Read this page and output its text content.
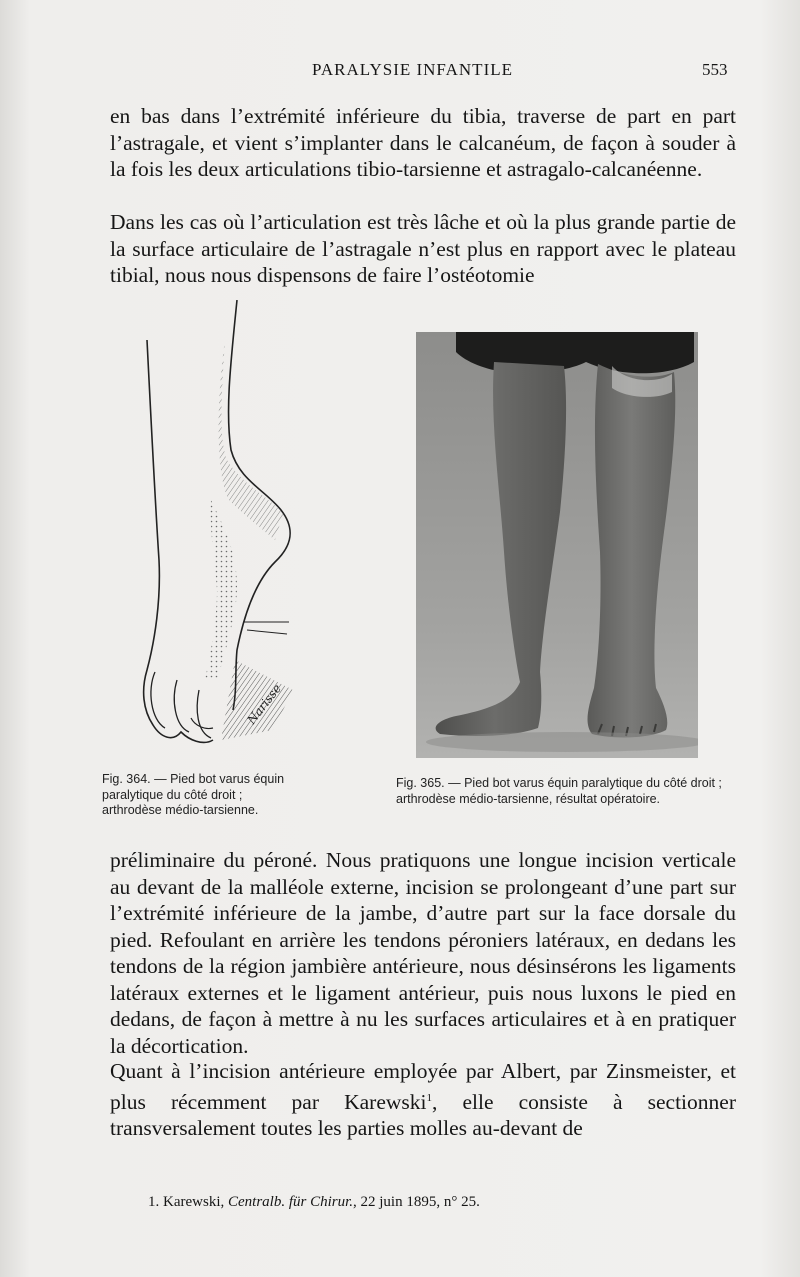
PARALYSIE INFANTILE	553

en bas dans l’extrémité inférieure du tibia, traverse de part en part l’astragale, et vient s’implanter dans le calcanéum, de façon à souder à la fois les deux articulations tibio-tarsienne et astragalo-calcanéenne.

Dans les cas où l’articulation est très lâche et où la plus grande partie de la surface articulaire de l’astragale n’est plus en rapport avec le plateau tibial, nous nous dispensons de faire l’ostéotomie

Narisse
Fig. 364. — Pied bot varus équin paralytique du côté droit ; arthrodèse médio-tarsienne.
Fig. 365. — Pied bot varus équin paralytique du côté droit ; arthrodèse médio-tarsienne, résultat opératoire.

préliminaire du péroné. Nous pratiquons une longue incision verticale au devant de la malléole externe, incision se prolongeant d’une part sur l’extrémité inférieure de la jambe, d’autre part sur la face dorsale du pied. Refoulant en arrière les tendons péroniers latéraux, en dedans les tendons de la région jambière antérieure, nous désinsérons les ligaments latéraux externes et le ligament antérieur, puis nous luxons le pied en dedans, de façon à mettre à nu les surfaces articulaires et à en pratiquer la décortication.

Quant à l’incision antérieure employée par Albert, par Zinsmeister, et plus récemment par Karewski$^1$, elle consiste à sectionner transversalement toutes les parties molles au-devant de

1. Karewski, Centralb. für Chirur., 22 juin 1895, n° 25.
